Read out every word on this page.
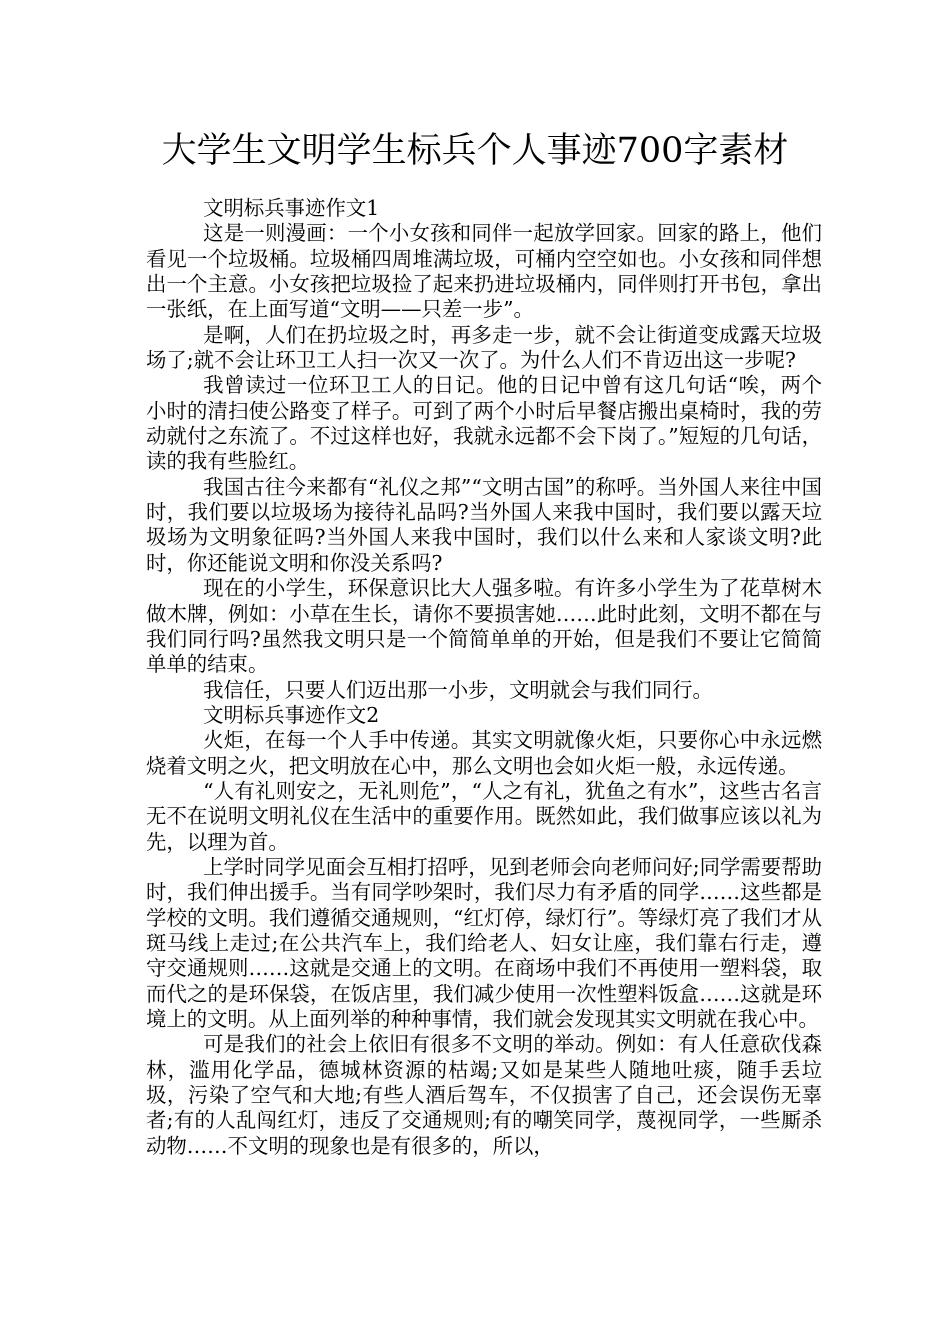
大学生文明学生标兵个人事迹700字素材

文明标兵事迹作文1

这是一则漫画：一个小女孩和同伴一起放学回家。回家的路上，他们看见一个垃圾桶。垃圾桶四周堆满垃圾，可桶内空空如也。小女孩和同伴想出一个主意。小女孩把垃圾捡了起来扔进垃圾桶内，同伴则打开书包，拿出一张纸，在上面写道“文明——只差一步”。

是啊，人们在扔垃圾之时，再多走一步，就不会让街道变成露天垃圾场了;就不会让环卫工人扫一次又一次了。为什么人们不肯迈出这一步呢?

我曾读过一位环卫工人的日记。他的日记中曾有这几句话“唉，两个小时的清扫使公路变了样子。可到了两个小时后早餐店搬出桌椅时，我的劳动就付之东流了。不过这样也好，我就永远都不会下岗了。”短短的几句话，读的我有些脸红。

我国古往今来都有“礼仪之邦”“文明古国”的称呼。当外国人来往中国时，我们要以垃圾场为接待礼品吗?当外国人来我中国时，我们要以露天垃圾场为文明象征吗?当外国人来我中国时，我们以什么来和人家谈文明?此时，你还能说文明和你没关系吗?

现在的小学生，环保意识比大人强多啦。有许多小学生为了花草树木做木牌，例如：小草在生长，请你不要损害她……此时此刻，文明不都在与我们同行吗?虽然我文明只是一个简简单单的开始，但是我们不要让它简简单单的结束。

我信任，只要人们迈出那一小步，文明就会与我们同行。

文明标兵事迹作文2

火炬，在每一个人手中传递。其实文明就像火炬，只要你心中永远燃烧着文明之火，把文明放在心中，那么文明也会如火炬一般，永远传递。

“人有礼则安之，无礼则危”，“人之有礼，犹鱼之有水”，这些古名言无不在说明文明礼仪在生活中的重要作用。既然如此，我们做事应该以礼为先，以理为首。

上学时同学见面会互相打招呼，见到老师会向老师问好;同学需要帮助时，我们伸出援手。当有同学吵架时，我们尽力有矛盾的同学……这些都是学校的文明。我们遵循交通规则，“红灯停，绿灯行”。等绿灯亮了我们才从斑马线上走过;在公共汽车上，我们给老人、妇女让座，我们靠右行走，遵守交通规则……这就是交通上的文明。在商场中我们不再使用一塑料袋，取而代之的是环保袋，在饭店里，我们减少使用一次性塑料饭盒……这就是环境上的文明。从上面列举的种种事情，我们就会发现其实文明就在我心中。

可是我们的社会上依旧有很多不文明的举动。例如：有人任意砍伐森林，滥用化学品，德城林资源的枯竭;又如是某些人随地吐痰，随手丢垃圾，污染了空气和大地;有些人酒后驾车，不仅损害了自己，还会误伤无辜者;有的人乱闯红灯，违反了交通规则;有的嘲笑同学，蔑视同学，一些厮杀动物……不文明的现象也是有很多的，所以，
